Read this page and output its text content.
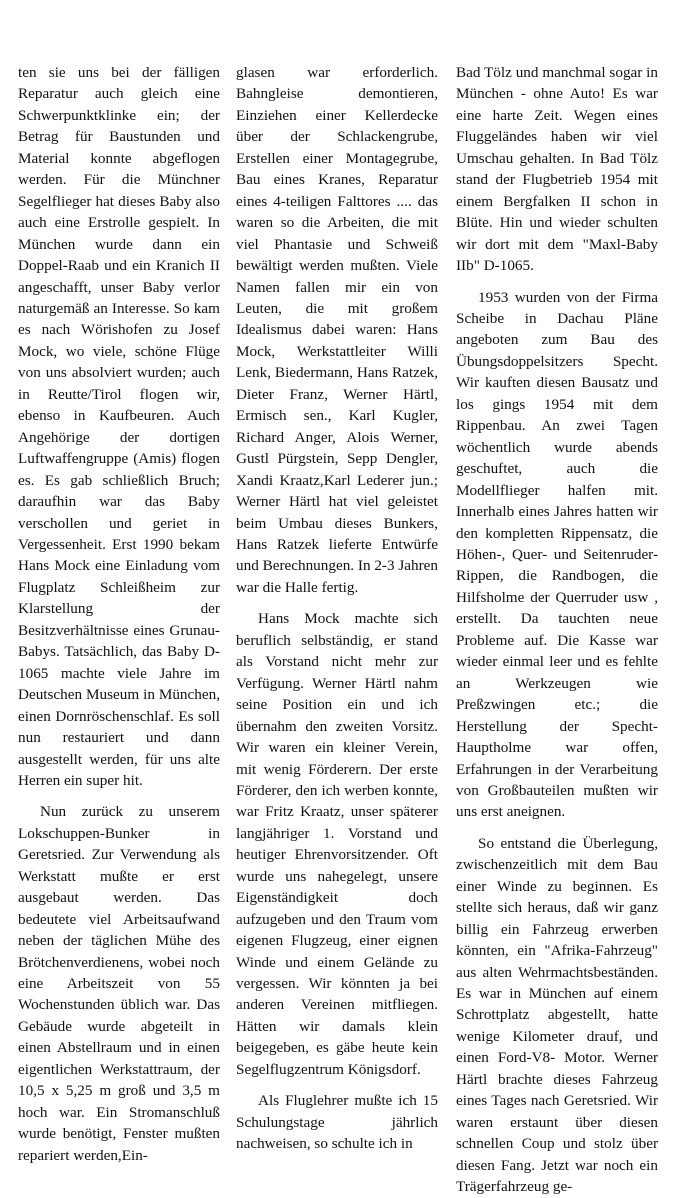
ten sie uns bei der fälligen Reparatur auch gleich eine Schwerpunktklinke ein; der Betrag für Baustunden und Material konnte abgeflogen werden. Für die Münchner Segelflieger hat dieses Baby also auch eine Erstrolle gespielt. In München wurde dann ein Doppel-Raab und ein Kranich II angeschafft, unser Baby verlor naturgemäß an Interesse. So kam es nach Wörishofen zu Josef Mock, wo viele, schöne Flüge von uns absolviert wurden; auch in Reutte/Tirol flogen wir, ebenso in Kaufbeuren. Auch Angehörige der dortigen Luftwaffengruppe (Amis) flogen es. Es gab schließlich Bruch; daraufhin war das Baby verschollen und geriet in Vergessenheit. Erst 1990 bekam Hans Mock eine Einladung vom Flugplatz Schleißheim zur Klarstellung der Besitzverhältnisse eines Grunau-Babys. Tatsächlich, das Baby D-1065 machte viele Jahre im Deutschen Museum in München, einen Dornröschenschlaf. Es soll nun restauriert und dann ausgestellt werden, für uns alte Herren ein super hit.

Nun zurück zu unserem Lokschuppen-Bunker in Geretsried. Zur Verwendung als Werkstatt mußte er erst ausgebaut werden. Das bedeutete viel Arbeitsaufwand neben der täglichen Mühe des Brötchenverdienens, wobei noch eine Arbeitszeit von 55 Wochenstunden üblich war. Das Gebäude wurde abgeteilt in einen Abstellraum und in einen eigentlichen Werkstattraum, der 10,5 x 5,25 m groß und 3,5 m hoch war. Ein Stromanschluß wurde benötigt, Fenster mußten repariert werden,Ein-

glasen war erforderlich. Bahngleise demontieren, Einziehen einer Kellerdecke über der Schlackengrube, Erstellen einer Montagegrube, Bau eines Kranes, Reparatur eines 4-teiligen Falttores .... das waren so die Arbeiten, die mit viel Phantasie und Schweiß bewältigt werden mußten. Viele Namen fallen mir ein von Leuten, die mit großem Idealismus dabei waren: Hans Mock, Werkstattleiter Willi Lenk, Biedermann, Hans Ratzek, Dieter Franz, Werner Härtl, Ermisch sen., Karl Kugler, Richard Anger, Alois Werner, Gustl Pürgstein, Sepp Dengler, Xandi Kraatz,Karl Lederer jun.; Werner Härtl hat viel geleistet beim Umbau dieses Bunkers, Hans Ratzek lieferte Entwürfe und Berechnungen. In 2-3 Jahren war die Halle fertig.

Hans Mock machte sich beruflich selbständig, er stand als Vorstand nicht mehr zur Verfügung. Werner Härtl nahm seine Position ein und ich übernahm den zweiten Vorsitz. Wir waren ein kleiner Verein, mit wenig Förderern. Der erste Förderer, den ich werben konnte, war Fritz Kraatz, unser späterer langjähriger 1. Vorstand und heutiger Ehrenvorsitzender. Oft wurde uns nahegelegt, unsere Eigenständigkeit doch aufzugeben und den Traum vom eigenen Flugzeug, einer eignen Winde und einem Gelände zu vergessen. Wir könnten ja bei anderen Vereinen mitfliegen. Hätten wir damals klein beigegeben, es gäbe heute kein Segelflugzentrum Königsdorf.

Als Fluglehrer mußte ich 15 Schulungstage jährlich nachweisen, so schulte ich in

Bad Tölz und manchmal sogar in München - ohne Auto! Es war eine harte Zeit. Wegen eines Fluggeländes haben wir viel Umschau gehalten. In Bad Tölz stand der Flugbetrieb 1954 mit einem Bergfalken II schon in Blüte. Hin und wieder schulten wir dort mit dem "Maxl-Baby IIb" D-1065.

1953 wurden von der Firma Scheibe in Dachau Pläne angeboten zum Bau des Übungsdoppelsitzers Specht. Wir kauften diesen Bausatz und los gings 1954 mit dem Rippenbau. An zwei Tagen wöchentlich wurde abends geschuftet, auch die Modellflieger halfen mit. Innerhalb eines Jahres hatten wir den kompletten Rippensatz, die Höhen-, Quer- und Seitenruder-Rippen, die Randbogen, die Hilfsholme der Querruder usw , erstellt. Da tauchten neue Probleme auf. Die Kasse war wieder einmal leer und es fehlte an Werkzeugen wie Preßzwingen etc.; die Herstellung der Specht- Hauptholme war offen, Erfahrungen in der Verarbeitung von Großbauteilen mußten wir uns erst aneignen.

So entstand die Überlegung, zwischenzeitlich mit dem Bau einer Winde zu beginnen. Es stellte sich heraus, daß wir ganz billig ein Fahrzeug erwerben könnten, ein "Afrika-Fahrzeug" aus alten Wehrmachtsbeständen. Es war in München auf einem Schrottplatz abgestellt, hatte wenige Kilometer drauf, und einen Ford-V8- Motor. Werner Härtl brachte dieses Fahrzeug eines Tages nach Geretsried. Wir waren erstaunt über diesen schnellen Coup und stolz über diesen Fang. Jetzt war noch ein Trägerfahrzeug ge-
